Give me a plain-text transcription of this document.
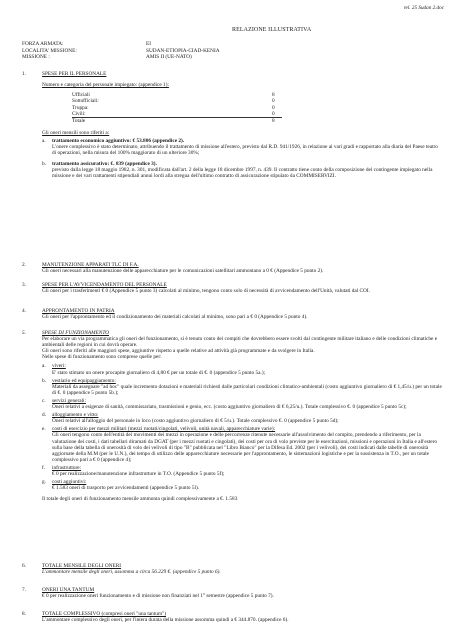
rel. 25 Sudan 2.doc
RELAZIONE ILLUSTRATIVA
FORZA ARMATA:	EI
LOCALITA' MISSIONE:	SUDAN-ETIOPIA-CIAD-KENIA
MISSIONE :	AMIS II (UE-NATO)
1.	SPESE PER IL PERSONALE

Numero e categoria del personale impiegato: (appendice 1):

Ufficiali	8
Sottufficiali:	0
Truppa:	0
Civili:	0
Totale	8

Gli oneri mensili sono riferiti a:

a.	trattamento economico aggiuntivo: € 53.806 (appendice 2).

L'onere complessivo è stato determinato, attribuendo il trattamento di missione all'estero, previsto dal R.D. 941/1926, in relazione ai vari gradi e rapportato alla diaria del Paese teatro di operazioni, nella misura del 100% maggiorato di un ulteriore 30%;

b.	trattamento assicurativo: €. 839 (appendice 3).

previsto dalla legge 18 maggio 1982, n. 301, modificata dall'art. 2 della legge 18 dicembre 1997, n. 439. Il contratto tiene conto della composizione del contingente impiegato nella missione e dei vari trattamenti stipendiali annui lordi alla stregua dell'ultimo contratto di assicurazione stipulato da COMMISERVIZI.

2.	MANUTENZIONE APPARATI TLC DI F.A.

Gli oneri necessari alla manutenzione delle apparecchiature per le comunicazioni satellitari ammontano a 0 € (Appendice 5 punto 2).

3.	SPESE PER L'AVVICENDAMENTO DEL PERSONALE

Gli oneri per i trasferimenti € 0 (Appendice 5 punto 3) calcolati al minimo, tengono conto solo di necessità di avvicendamento dell'Unità, valutati dal COI.

4.	APPRONTAMENTO IN PATRIA

Gli oneri per l'approntamento ed il condizionamento dei materiali calcolati al minimo, sono pari a € 0 (Appendice 5 punto 4).

5.	SPESE DI FUNZIONAMENTO

Per elaborare un via programmatica gli oneri del funzionamento, si è tenuto conto dei compiti che dovrebbero essere svolti dal contingente militare italiano e delle condizioni climatiche e ambientali delle regioni in cui dovrà operare.

Gli oneri sono riferiti alle maggiori spese, aggiuntive rispetto a quelle relative ad attività già programmate e da svolgere in Italia.

Nelle spese di funzionamento sono comprese quelle per:

a.	viveri:

E' stato stimato un onere procapite giornaliero di 4,80 € per un totale di €. 0 (appendice 5 punto 5a.);

b.	vestiario ed equipaggiamento:

Materiali da assegnare "ad hoc" quale incremento dotazioni e materiali richiesti dalle particolari condizioni climatico-ambientali (costo aggiuntivo giornaliero di € 1,45/u.) per un totale di €. 0 (appendice 5 punto 5b.);

c.	servizi generali:

Oneri relativi a esigenze di sanità, commissariato, trasmissioni e genio, ecc. (costo aggiuntivo giornaliero di € 6,25/u.). Totale complessivo €. 0 (appendice 5 punto 5c);

d.	alloggiamento e vitto:

Oneri relativi all'alloggio del personale in loco (costo aggiuntivo giornaliero di € 5/u.). Totale complessivo €. 0 (appendice 5 punto 5d);

e.	costi di esercizio per mezzi militari (mezzi ruotati/cingolati, velivoli, unità navali, apparecchiature varie):

Gli oneri tengono conto dell'entità dei movimenti dei mezzi in operazione e delle percorrenze ritenute necessarie all'assolvimento del compito, prendendo a riferimento, per la valutazione dei costi, i dati tabellari diramati da DGAT (per i mezzi ruotati e cingolati), dei costi per ora di volo previste per le esercitazioni, missioni e operazioni in Italia e all'estero sulla base della tabella di onerosità di volo dei velivoli di tipo "B" pubblicata nel "Libro Bianco" per la Difesa Ed. 2002 (per i velivoli), dei costi indicati dalle tabelle di onerosità aggiornate della M.M (per le U.N.), dei tempo di utilizzo delle apparecchiature necessarie per l'approntamento, le sistemazioni logistiche e per la sussistenza in T.O., per un totale complessivo pari a € 0 (appendice 4);

f.	infrastrutture:

€ 0 per realizzazione/manutenzione infrastrutture in T.O. (Appendice 5 punto 5f);

g.	costi aggiuntivi:

€ 1.583 oneri di trasporto per avvicendamenti (appendice 5 punto 5l).

Il totale degli oneri di funzionamento mensile ammonta quindi complessivamente a €. 1.583

6.	TOTALE MENSILE DEGLI ONERI

L'ammontare mensile degli oneri, assomma a circa 56.229 €. (appendice 5 punto 6).

7.	ONERI UNA TANTUM

€ 0 per realizzazione oneri funzionamento e di missione non finanziati nel 1° semestre (appendice 5 punto 7).

8.	TOTALE COMPLESSIVO (compresi oneri "una tantum")

L'ammontare complessivo degli oneri, per l'intera durata della missione assomma quindi a € 344.870. (appendice 6).
